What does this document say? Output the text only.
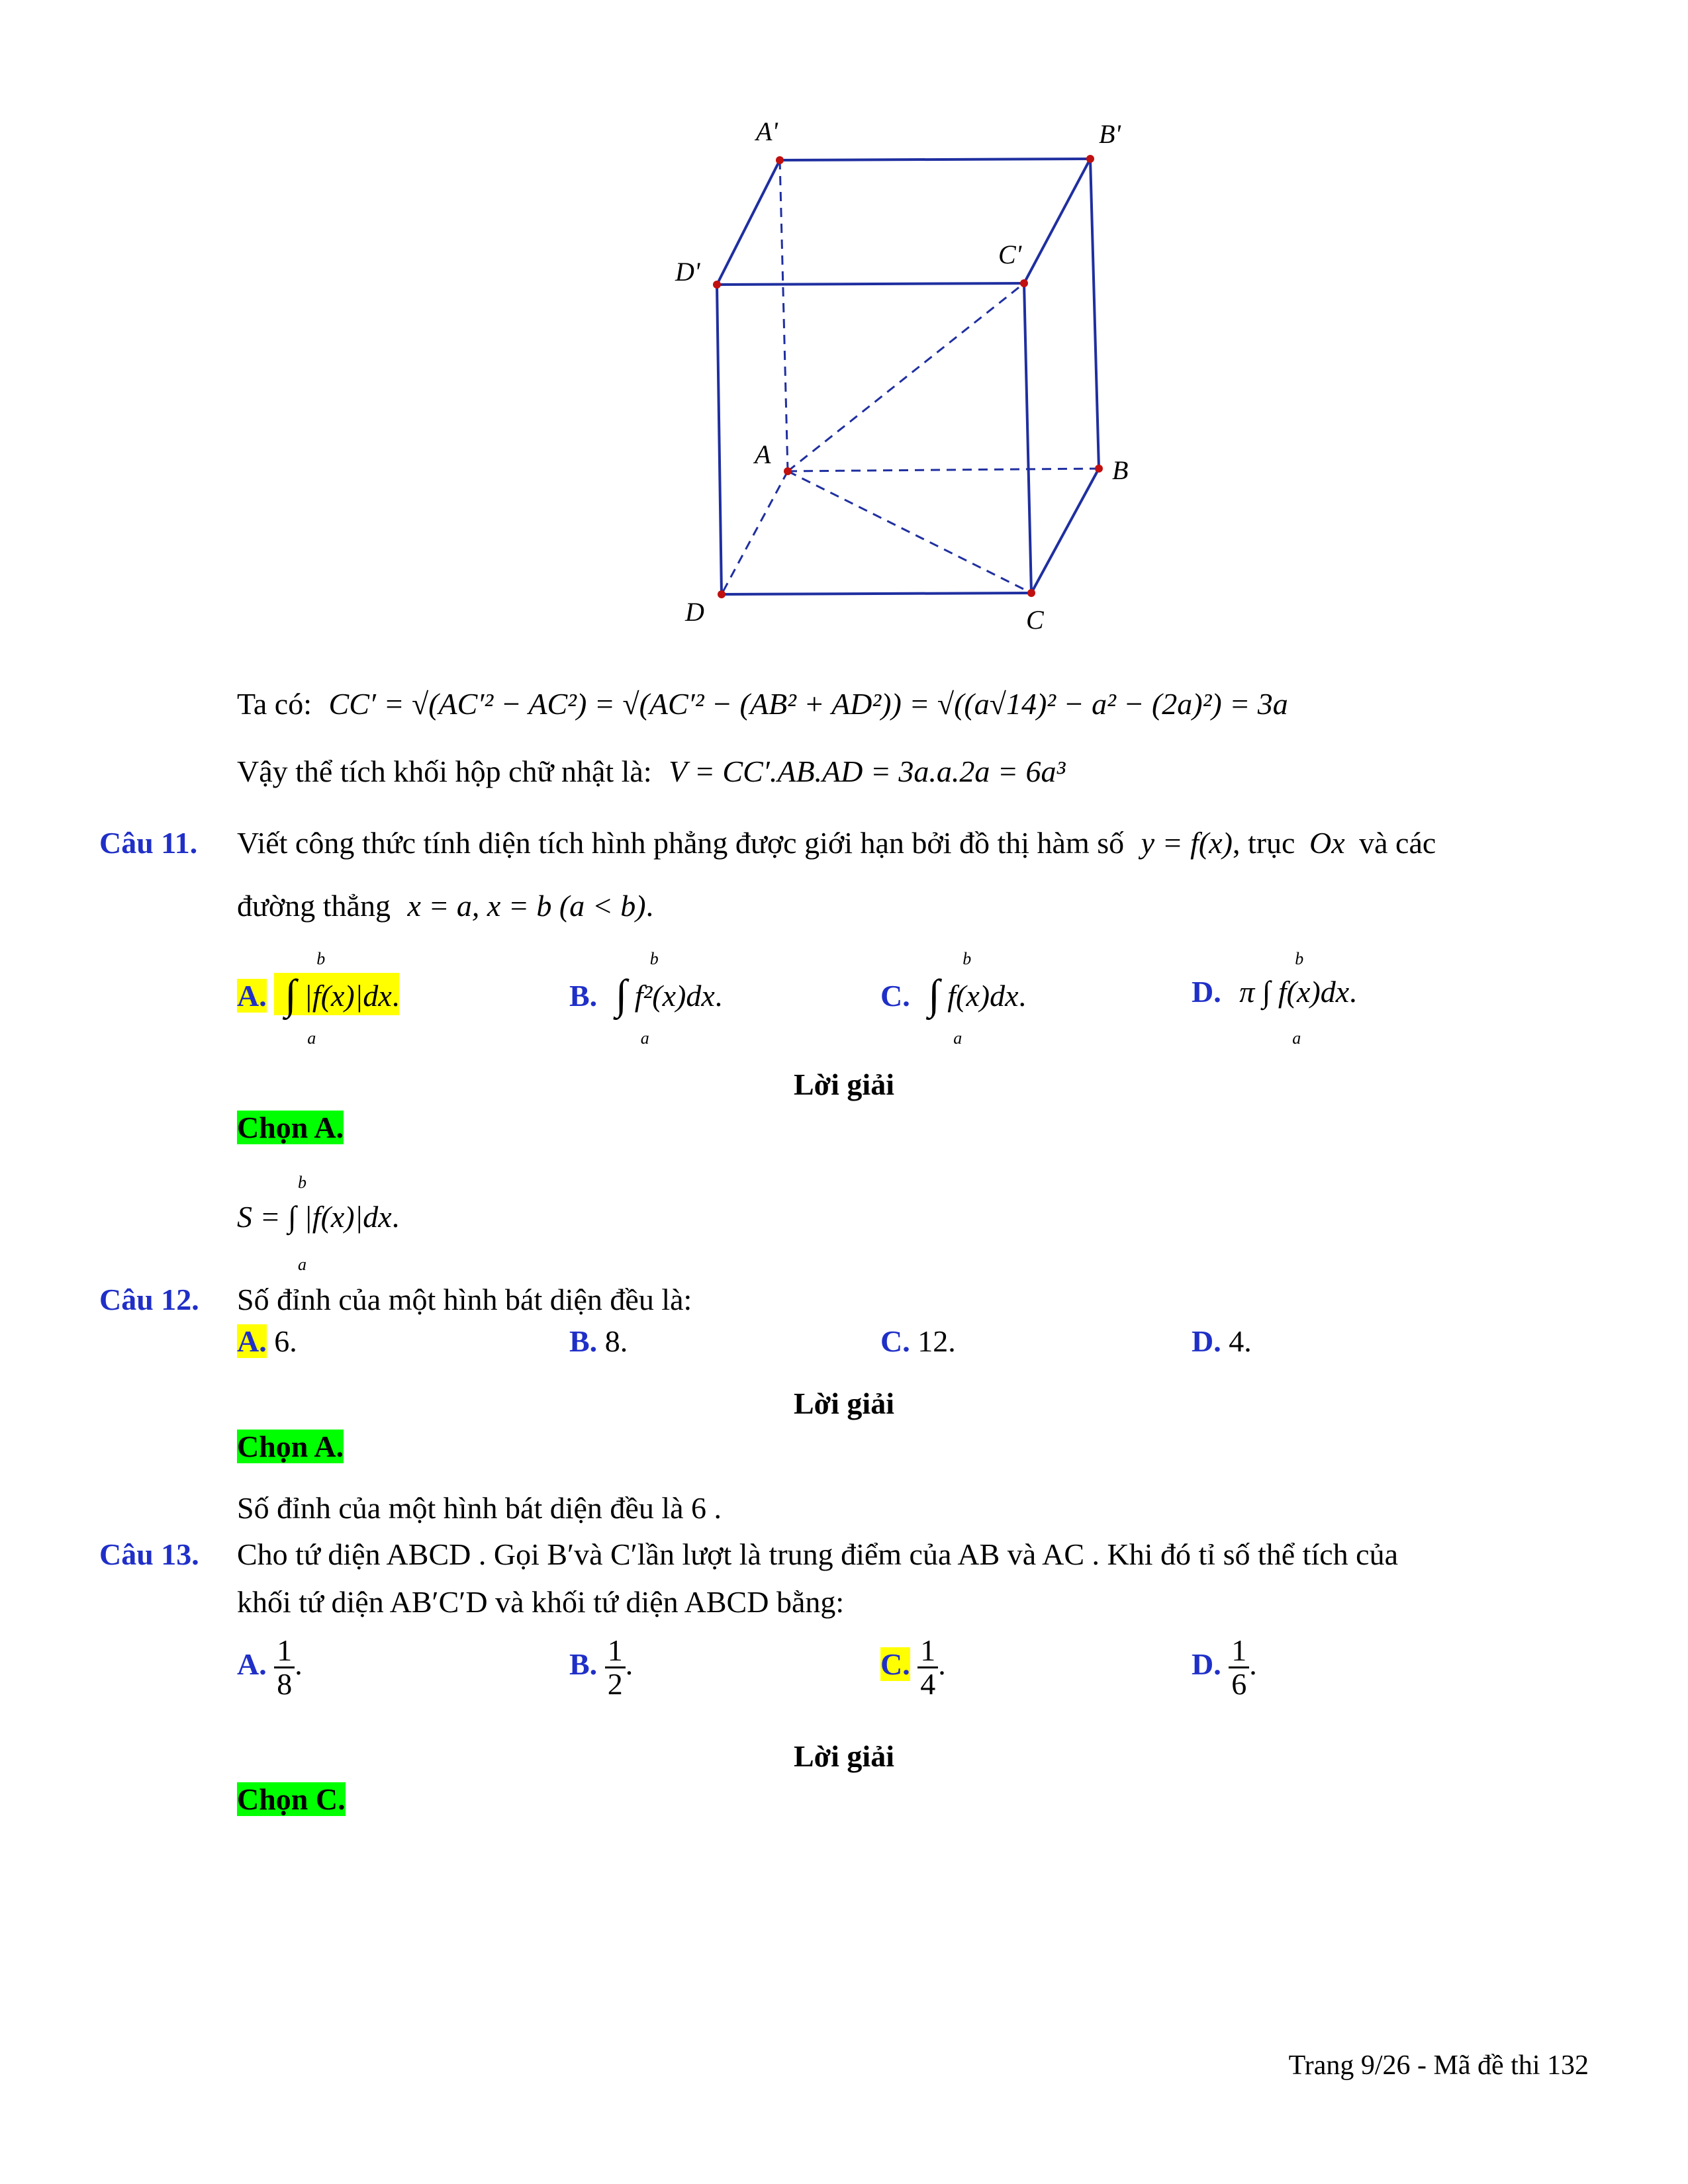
A'	B'
C'
D'
A
B
C
D
Ta có: CC′ = √(AC′² − AC²) = √(AC′² − (AB² + AD²)) = √((a√14)² − a² − (2a)²) = 3a
Vậy thể tích khối hộp chữ nhật là: V = CC′.AB.AD = 3a.a.2a = 6a³
Câu 11. Viết công thức tính diện tích hình phẳng được giới hạn bởi đồ thị hàm số y = f(x), trục Ox và các
đường thẳng x = a, x = b (a < b).
A.
b
∫
a
|f(x)|dx.	B.
b
∫
a
f²(x)dx.	C.
b
∫
a
f(x)dx.	D.
b
a
π ∫ f(x)dx.
Lời giải
Chọn A.
b
a
S = ∫ |f(x)|dx.
Câu 12. Số đỉnh của một hình bát diện đều là:
A. 6.	B. 8.	C. 12.	D. 4.
Lời giải
Chọn A.
Số đỉnh của một hình bát diện đều là 6 .
Câu 13. Cho tứ diện ABCD . Gọi B′và C′lần lượt là trung điểm của AB và AC . Khi đó tỉ số thể tích của
khối tứ diện AB′C′D và khối tứ diện ABCD bằng:
A. $\frac{1}{8}$ .	B. $\frac{1}{2}$ .	C. $\frac{1}{4}$ .	D. $\frac{1}{6}$ .
Lời giải
Chọn C.
Trang 9/26 - Mã đề thi 132
